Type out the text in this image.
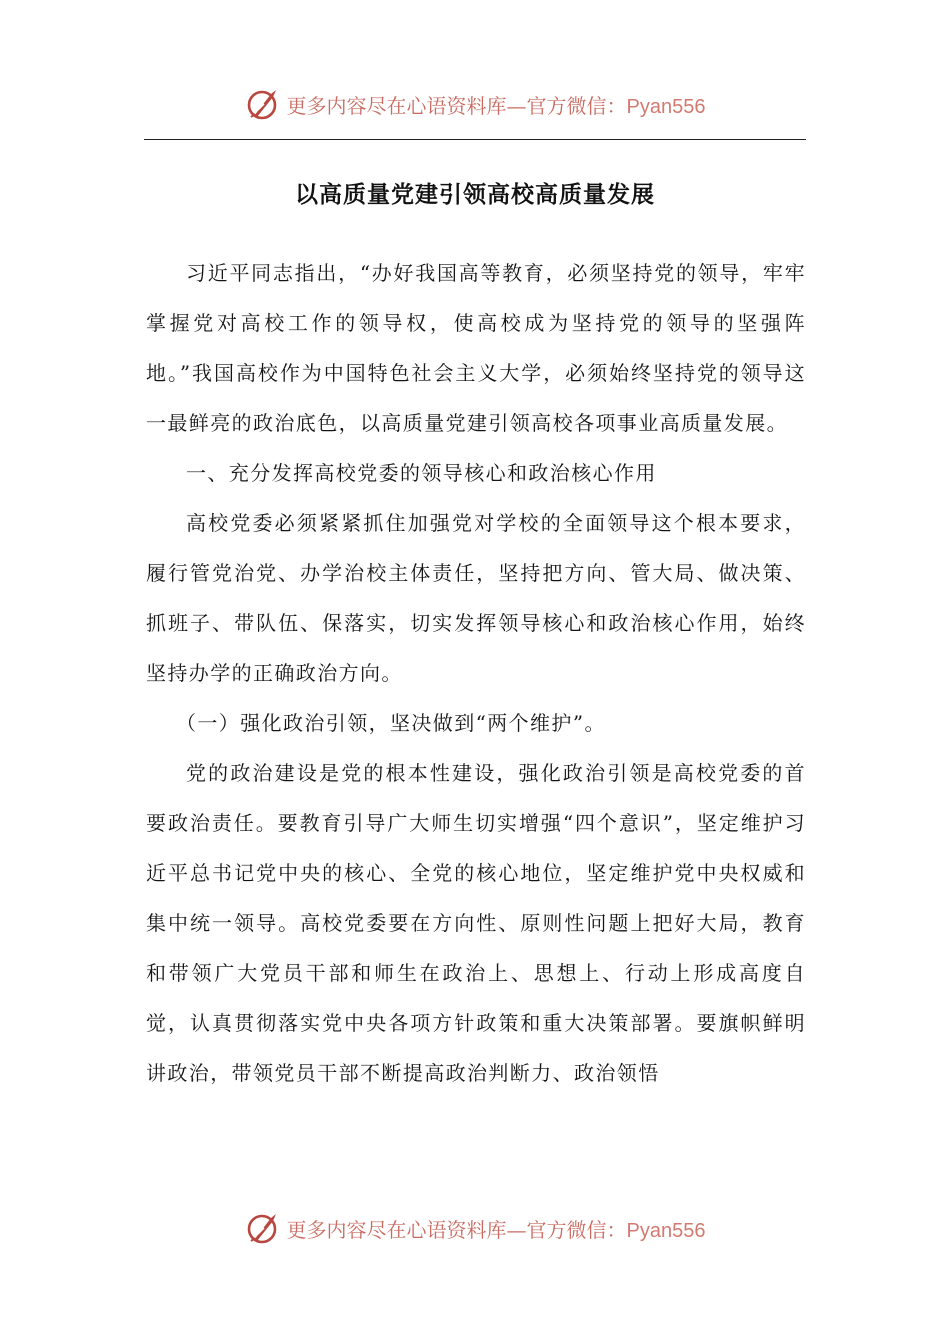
更多内容尽在心语资料库—官方微信：Pyan556
以高质量党建引领高校高质量发展

习近平同志指出，“办好我国高等教育，必须坚持党的领导，牢牢掌握党对高校工作的领导权，使高校成为坚持党的领导的坚强阵地。”我国高校作为中国特色社会主义大学，必须始终坚持党的领导这一最鲜亮的政治底色，以高质量党建引领高校各项事业高质量发展。

一、充分发挥高校党委的领导核心和政治核心作用

高校党委必须紧紧抓住加强党对学校的全面领导这个根本要求，履行管党治党、办学治校主体责任，坚持把方向、管大局、做决策、抓班子、带队伍、保落实，切实发挥领导核心和政治核心作用，始终坚持办学的正确政治方向。

（一）强化政治引领，坚决做到“两个维护”。

党的政治建设是党的根本性建设，强化政治引领是高校党委的首要政治责任。要教育引导广大师生切实增强“四个意识”，坚定维护习近平总书记党中央的核心、全党的核心地位，坚定维护党中央权威和集中统一领导。高校党委要在方向性、原则性问题上把好大局，教育和带领广大党员干部和师生在政治上、思想上、行动上形成高度自觉，认真贯彻落实党中央各项方针政策和重大决策部署。要旗帜鲜明讲政治，带领党员干部不断提高政治判断力、政治领悟

更多内容尽在心语资料库—官方微信：Pyan556
